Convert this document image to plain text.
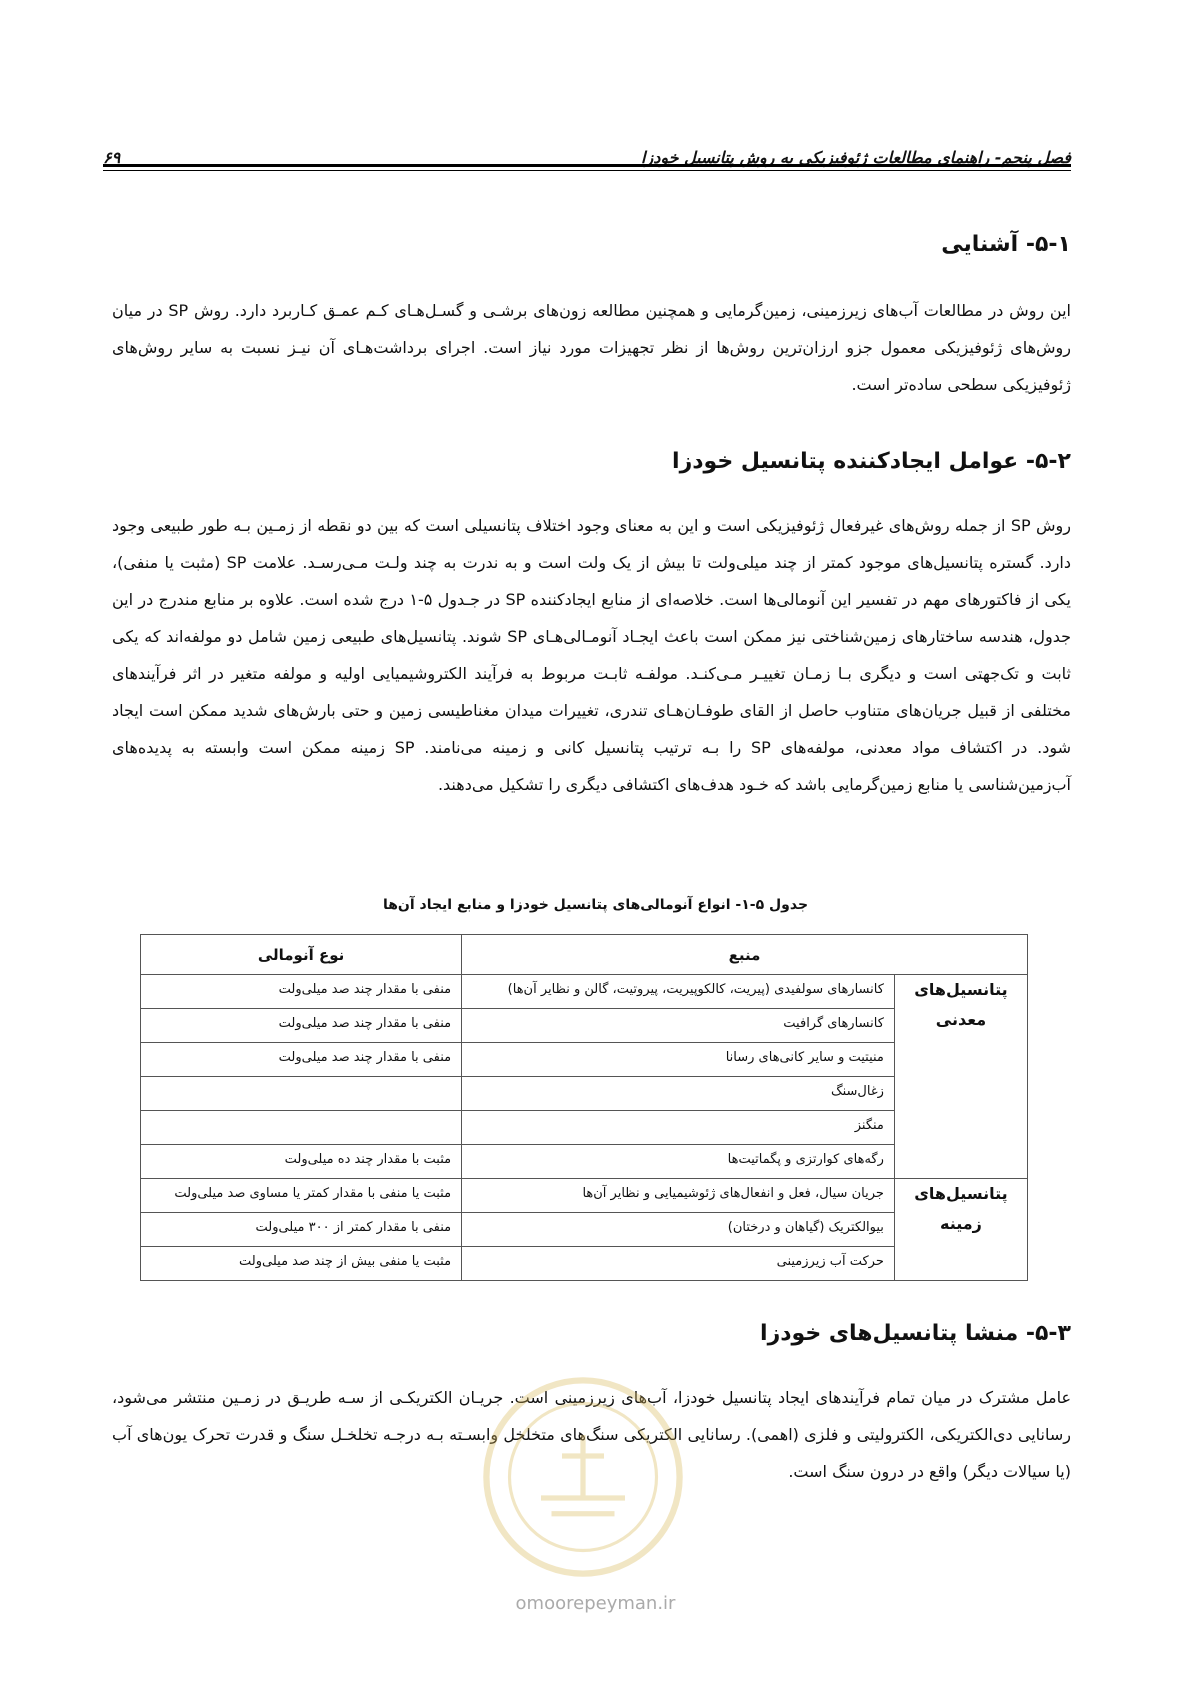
فصل پنجم- راهنمای مطالعات ژئوفیزیکی به روش پتانسیل خودزا
۶۹
۵-۱- آشنایی

این روش در مطالعات آب‌های زیرزمینی، زمین‌گرمایی و همچنین مطالعه زون‌های برشـی و گسـل‌هـای کـم عمـق کـاربرد دارد. روش SP در میان روش‌های ژئوفیزیکی معمول جزو ارزان‌ترین روش‌ها از نظر تجهیزات مورد نیاز است. اجرای برداشت‌هـای آن نیـز نسبت به سایر روش‌های ژئوفیزیکی سطحی ساده‌تر است.

۵-۲- عوامل ایجادکننده پتانسیل خودزا

روش SP از جمله روش‌های غیرفعال ژئوفیزیکی است و این به معنای وجود اختلاف پتانسیلی است که بین دو نقطه از زمـین بـه طور طبیعی وجود دارد. گستره پتانسیل‌های موجود کمتر از چند میلی‌ولت تا بیش از یک ولت است و به ندرت به چند ولـت مـی‌رسـد. علامت SP (مثبت یا منفی)، یکی از فاکتورهای مهم در تفسیر این آنومالی‌ها است. خلاصه‌ای از منابع ایجادکننده SP در جـدول ۵-۱ درج شده است. علاوه بر منابع مندرج در این جدول، هندسه ساختارهای زمین‌شناختی نیز ممکن است باعث ایجـاد آنومـالی‌هـای SP شوند. پتانسیل‌های طبیعی زمین شامل دو مولفه‌اند که یکی ثابت و تک‌جهتی است و دیگری بـا زمـان تغییـر مـی‌کنـد. مولفـه ثابـت مربوط به فرآیند الکتروشیمیایی اولیه و مولفه متغیر در اثر فرآیندهای مختلفی از قبیل جریان‌های متناوب حاصل از القای طوفـان‌هـای تندری، تغییرات میدان مغناطیسی زمین و حتی بارش‌های شدید ممکن است ایجاد شود. در اکتشاف مواد معدنی، مولفه‌های SP را بـه ترتیب پتانسیل کانی و زمینه می‌نامند. SP زمینه ممکن است وابسته به پدیده‌های آب‌زمین‌شناسی یا منابع زمین‌گرمایی باشد که خـود هدف‌های اکتشافی دیگری را تشکیل می‌دهند.

جدول ۵-۱- انواع آنومالی‌های پتانسیل خودزا و منابع ایجاد آن‌ها
منبع		نوع آنومالی
پتانسیل‌های معدنی	کانسارهای سولفیدی (پیریت، کالکوپیریت، پیروتیت، گالن و نظایر آن‌ها)	منفی با مقدار چند صد میلی‌ولت
	کانسارهای گرافیت	منفی با مقدار چند صد میلی‌ولت
	منیتیت و سایر کانی‌های رسانا	منفی با مقدار چند صد میلی‌ولت
	زغال‌سنگ	
	منگنز	
	رگه‌های کوارتزی و پگماتیت‌ها	مثبت با مقدار چند ده میلی‌ولت
پتانسیل‌های زمینه	جریان سیال، فعل و انفعال‌های ژئوشیمیایی و نظایر آن‌ها	مثبت یا منفی با مقدار کمتر یا مساوی صد میلی‌ولت
	بیوالکتریک (گیاهان و درختان)	منفی با مقدار کمتر از ۳۰۰ میلی‌ولت
	حرکت آب زیرزمینی	مثبت یا منفی بیش از چند صد میلی‌ولت
۵-۳- منشا پتانسیل‌های خودزا

عامل مشترک در میان تمام فرآیندهای ایجاد پتانسیل خودزا، آب‌های زیرزمینی است. جریـان الکتریکـی از سـه طریـق در زمـین منتشر می‌شود، رسانایی دی‌الکتریکی، الکترولیتی و فلزی (اهمی). رسانایی الکتریکی سنگ‌های متخلخل وابسـته بـه درجـه تخلخـل سنگ و قدرت تحرک یون‌های آب (یا سیالات دیگر) واقع در درون سنگ است.

omoorepeyman.ir
